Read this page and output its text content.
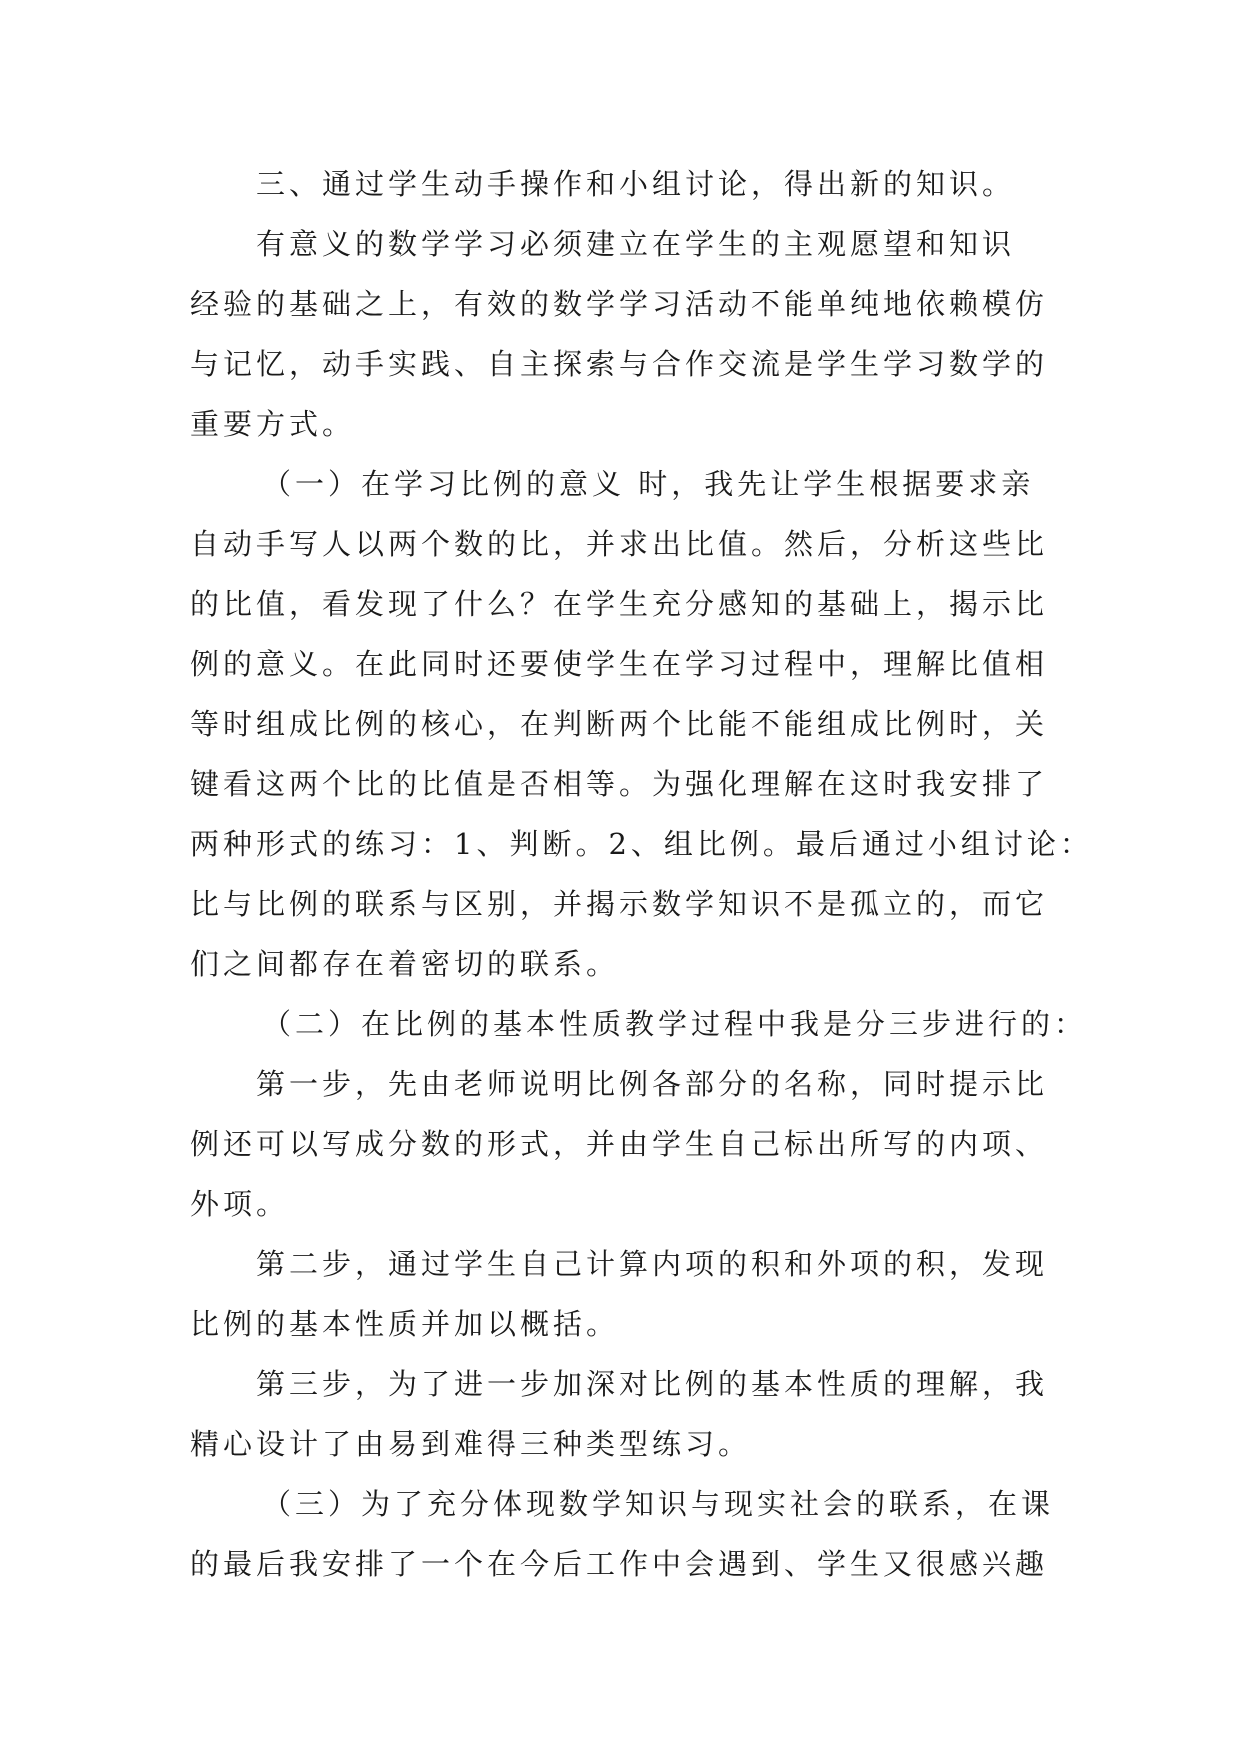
三、通过学生动手操作和小组讨论，得出新的知识。
有意义的数学学习必须建立在学生的主观愿望和知识
经验的基础之上，有效的数学学习活动不能单纯地依赖模仿
与记忆，动手实践、自主探索与合作交流是学生学习数学的
重要方式。
（一）在学习比例的意义 时，我先让学生根据要求亲
自动手写人以两个数的比，并求出比值。然后，分析这些比
的比值，看发现了什么？在学生充分感知的基础上，揭示比
例的意义。在此同时还要使学生在学习过程中，理解比值相
等时组成比例的核心，在判断两个比能不能组成比例时，关
键看这两个比的比值是否相等。为强化理解在这时我安排了
两种形式的练习：1、判断。2、组比例。最后通过小组讨论：
比与比例的联系与区别，并揭示数学知识不是孤立的，而它
们之间都存在着密切的联系。
（二）在比例的基本性质教学过程中我是分三步进行的：
第一步，先由老师说明比例各部分的名称，同时提示比
例还可以写成分数的形式，并由学生自己标出所写的内项、
外项。
第二步，通过学生自己计算内项的积和外项的积，发现
比例的基本性质并加以概括。
第三步，为了进一步加深对比例的基本性质的理解，我
精心设计了由易到难得三种类型练习。
（三）为了充分体现数学知识与现实社会的联系，在课
的最后我安排了一个在今后工作中会遇到、学生又很感兴趣
